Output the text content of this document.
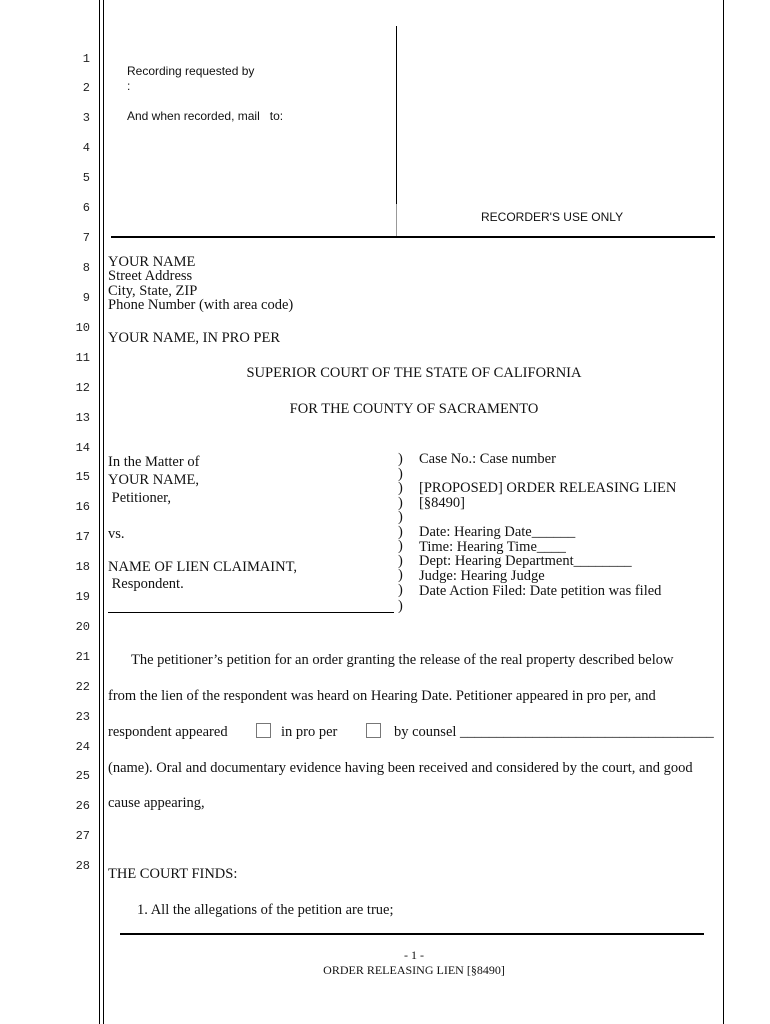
1
2
3
4
5
6
7
8
9
10
11
12
13
14
15
16
17
18
19
20
21
22
23
24
25
26
27
28
Recording requested by
:
And when recorded, mail   to:
RECORDER'S USE ONLY
YOUR NAME
Street Address
City, State, ZIP
Phone Number (with area code)
YOUR NAME, IN PRO PER
SUPERIOR COURT OF THE STATE OF CALIFORNIA
FOR THE COUNTY OF SACRAMENTO
In the Matter of
YOUR NAME,
Petitioner,
vs.
NAME OF LIEN CLAIMAINT,
Respondent.
)
)
)
)
)
)
)
)
)
)
)
Case No.: Case number
[PROPOSED] ORDER RELEASING LIEN
[§8490]
Date: Hearing Date______
Time: Hearing Time____
Dept: Hearing Department________
Judge: Hearing Judge
Date Action Filed: Date petition was filed
The petitioner’s petition for an order granting the release of the real property described below
from the lien of the respondent was heard on Hearing Date. Petitioner appeared in pro per, and
respondent appeared	in pro per	by counsel ___________________________________
(name). Oral and documentary evidence having been received and considered by the court, and good
cause appearing,
THE COURT FINDS:
1. All the allegations of the petition are true;
- 1 -
ORDER RELEASING LIEN [§8490]
